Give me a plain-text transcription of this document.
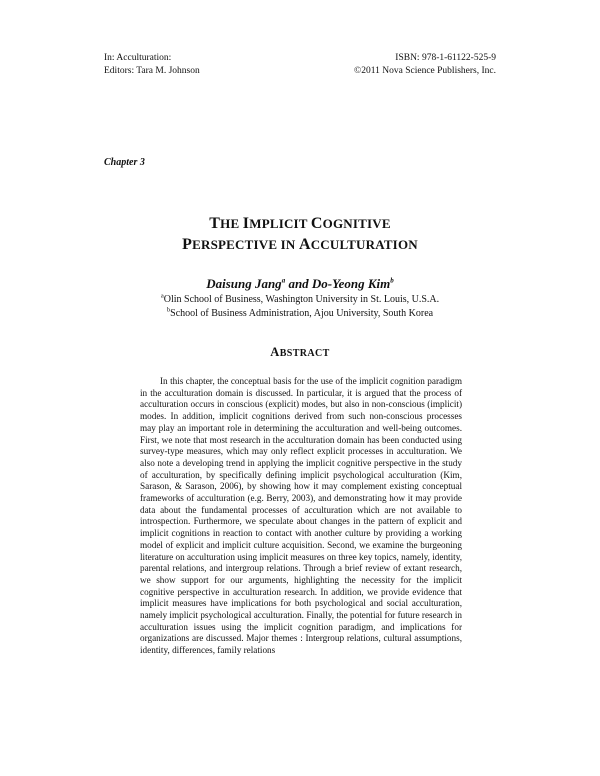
In: Acculturation:
Editors: Tara M. Johnson
ISBN: 978-1-61122-525-9
©2011 Nova Science Publishers, Inc.
Chapter 3
THE IMPLICIT COGNITIVE
PERSPECTIVE IN ACCULTURATION
Daisung Jang$^a$ and Do-Yeong Kim$^b$
$^a$Olin School of Business, Washington University in St. Louis, U.S.A.
$^b$School of Business Administration, Ajou University, South Korea
ABSTRACT

In this chapter, the conceptual basis for the use of the implicit cognition paradigm in the acculturation domain is discussed. In particular, it is argued that the process of acculturation occurs in conscious (explicit) modes, but also in non-conscious (implicit) modes. In addition, implicit cognitions derived from such non-conscious processes may play an important role in determining the acculturation and well-being outcomes. First, we note that most research in the acculturation domain has been conducted using survey-type measures, which may only reflect explicit processes in acculturation. We also note a developing trend in applying the implicit cognitive perspective in the study of acculturation, by specifically defining implicit psychological acculturation (Kim, Sarason, & Sarason, 2006), by showing how it may complement existing conceptual frameworks of acculturation (e.g. Berry, 2003), and demonstrating how it may provide data about the fundamental processes of acculturation which are not available to introspection. Furthermore, we speculate about changes in the pattern of explicit and implicit cognitions in reaction to contact with another culture by providing a working model of explicit and implicit culture acquisition. Second, we examine the burgeoning literature on acculturation using implicit measures on three key topics, namely, identity, parental relations, and intergroup relations. Through a brief review of extant research, we show support for our arguments, highlighting the necessity for the implicit cognitive perspective in acculturation research. In addition, we provide evidence that implicit measures have implications for both psychological and social acculturation, namely implicit psychological acculturation. Finally, the potential for future research in acculturation issues using the implicit cognition paradigm, and implications for organizations are discussed. Major themes : Intergroup relations, cultural assumptions, identity, differences, family relations
